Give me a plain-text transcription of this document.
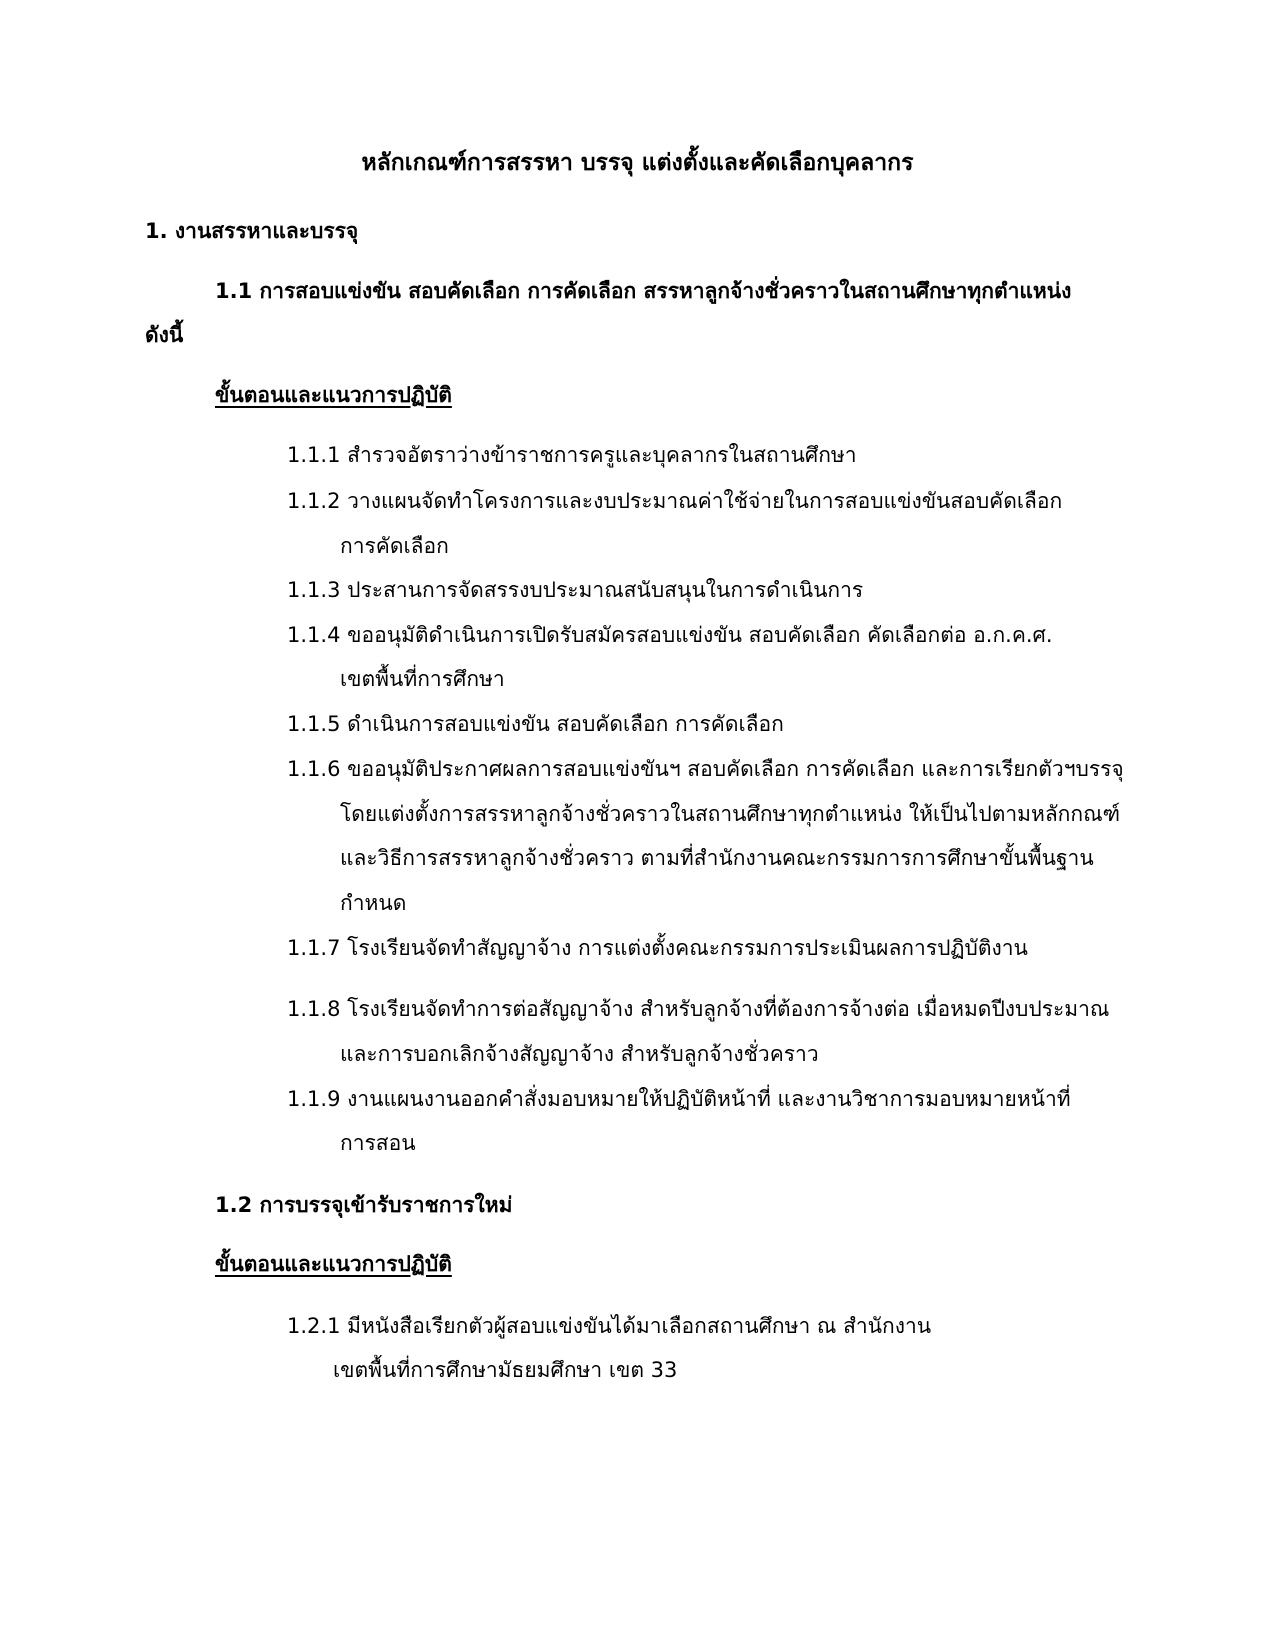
หลักเกณฑ์การสรรหา บรรจุ แต่งตั้งและคัดเลือกบุคลากร
1. งานสรรหาและบรรจุ
1.1 การสอบแข่งขัน สอบคัดเลือก การคัดเลือก สรรหาลูกจ้างชั่วคราวในสถานศึกษาทุกตำแหน่ง
ดังนี้
ขั้นตอนและแนวการปฏิบัติ
1.1.1 สำรวจอัตราว่างข้าราชการครูและบุคลากรในสถานศึกษา
1.1.2 วางแผนจัดทำโครงการและงบประมาณค่าใช้จ่ายในการสอบแข่งขันสอบคัดเลือก
การคัดเลือก
1.1.3 ประสานการจัดสรรงบประมาณสนับสนุนในการดำเนินการ
1.1.4 ขออนุมัติดำเนินการเปิดรับสมัครสอบแข่งขัน สอบคัดเลือก คัดเลือกต่อ อ.ก.ค.ศ.
เขตพื้นที่การศึกษา
1.1.5 ดำเนินการสอบแข่งขัน สอบคัดเลือก การคัดเลือก
1.1.6 ขออนุมัติประกาศผลการสอบแข่งขันฯ สอบคัดเลือก การคัดเลือก และการเรียกตัวฯบรรจุ
โดยแต่งตั้งการสรรหาลูกจ้างชั่วคราวในสถานศึกษาทุกตำแหน่ง ให้เป็นไปตามหลักกณฑ์
และวิธีการสรรหาลูกจ้างชั่วคราว ตามที่สำนักงานคณะกรรมการการศึกษาขั้นพื้นฐาน
กำหนด
1.1.7 โรงเรียนจัดทำสัญญาจ้าง การแต่งตั้งคณะกรรมการประเมินผลการปฏิบัติงาน
1.1.8 โรงเรียนจัดทำการต่อสัญญาจ้าง สำหรับลูกจ้างที่ต้องการจ้างต่อ เมื่อหมดปีงบประมาณ
และการบอกเลิกจ้างสัญญาจ้าง สำหรับลูกจ้างชั่วคราว
1.1.9 งานแผนงานออกคำสั่งมอบหมายให้ปฏิบัติหน้าที่ และงานวิชาการมอบหมายหน้าที่
การสอน
1.2 การบรรจุเข้ารับราชการใหม่
ขั้นตอนและแนวการปฏิบัติ
1.2.1 มีหนังสือเรียกตัวผู้สอบแข่งขันได้มาเลือกสถานศึกษา ณ สำนักงาน
เขตพื้นที่การศึกษามัธยมศึกษา เขต 33
